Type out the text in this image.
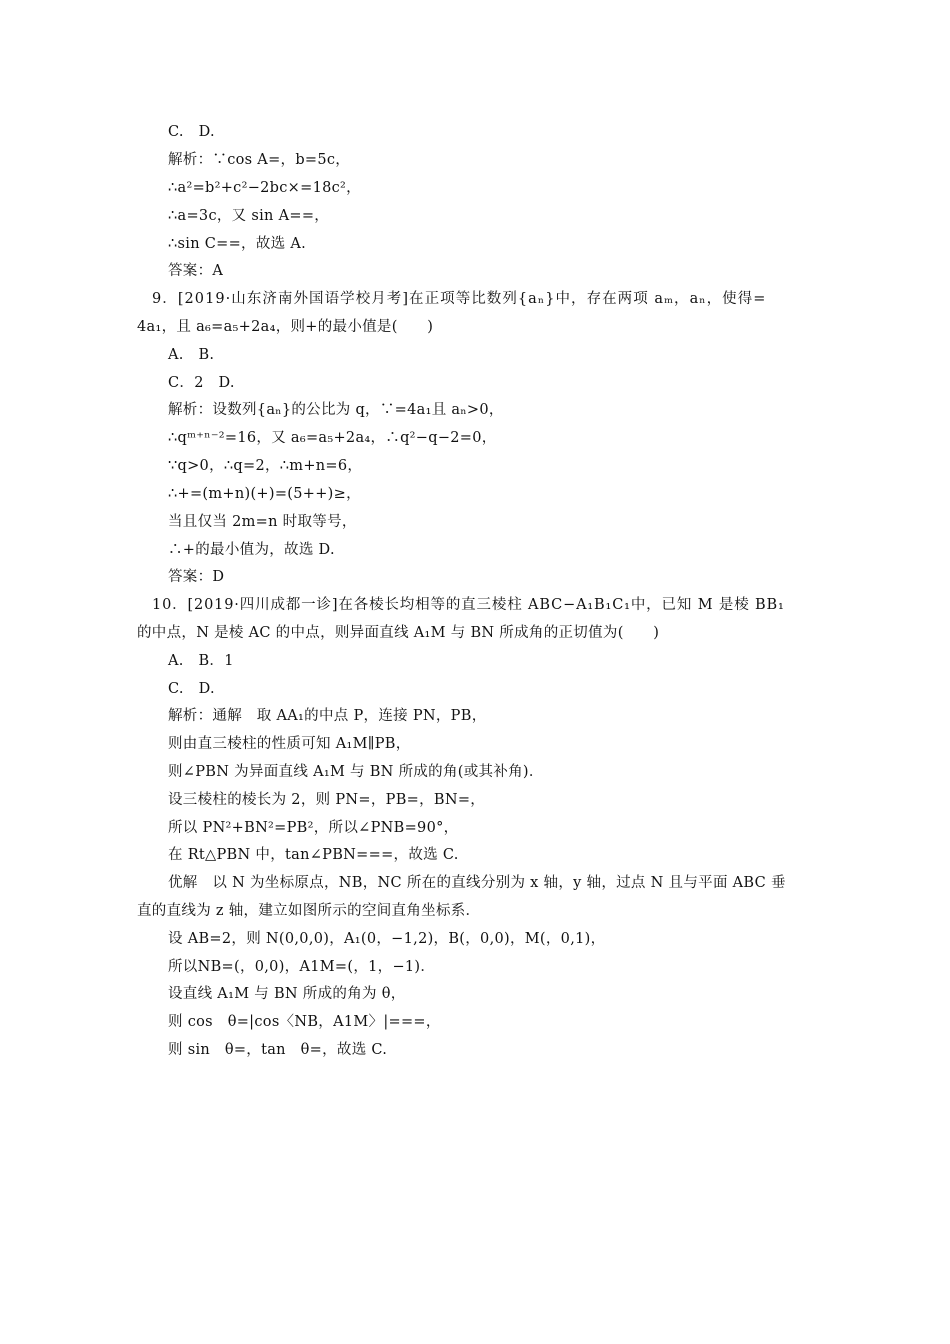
C.　D.
解析：∵cos A=，b=5c，
∴a²=b²+c²−2bc×=18c²，
∴a=3c，又 sin A==，
∴sin C==，故选 A.
答案：A
9．[2019·山东济南外国语学校月考]在正项等比数列{aₙ}中，存在两项 aₘ，aₙ，使得=
4a₁，且 a₆=a₅+2a₄，则+的最小值是(　　)
A.　B.
C．2　D.
解析：设数列{aₙ}的公比为 q，∵=4a₁且 aₙ>0，
∴qᵐ⁺ⁿ⁻²=16，又 a₆=a₅+2a₄，∴q²−q−2=0，
∵q>0，∴q=2，∴m+n=6，
∴+=(m+n)(+)=(5++)≥，
当且仅当 2m=n 时取等号，
∴+的最小值为，故选 D.
答案：D
10．[2019·四川成都一诊]在各棱长均相等的直三棱柱 ABC−A₁B₁C₁中，已知 M 是棱 BB₁
的中点，N 是棱 AC 的中点，则异面直线 A₁M 与 BN 所成角的正切值为(　　)
A.　B．1
C.　D.
解析：通解　取 AA₁的中点 P，连接 PN，PB，
则由直三棱柱的性质可知 A₁M∥PB，
则∠PBN 为异面直线 A₁M 与 BN 所成的角(或其补角)．
设三棱柱的棱长为 2，则 PN=，PB=，BN=，
所以 PN²+BN²=PB²，所以∠PNB=90°，
在 Rt△PBN 中，tan∠PBN===，故选 C.
优解　以 N 为坐标原点，NB，NC 所在的直线分别为 x 轴，y 轴，过点 N 且与平面 ABC 垂
直的直线为 z 轴，建立如图所示的空间直角坐标系．
设 AB=2，则 N(0,0,0)，A₁(0，−1,2)，B(，0,0)，M(，0,1)，
所以NB=(，0,0)，A1M=(，1，−1)．
设直线 A₁M 与 BN 所成的角为 θ，
则 cos　θ=|cos〈NB，A1M〉|===，
则 sin　θ=，tan　θ=，故选 C.
